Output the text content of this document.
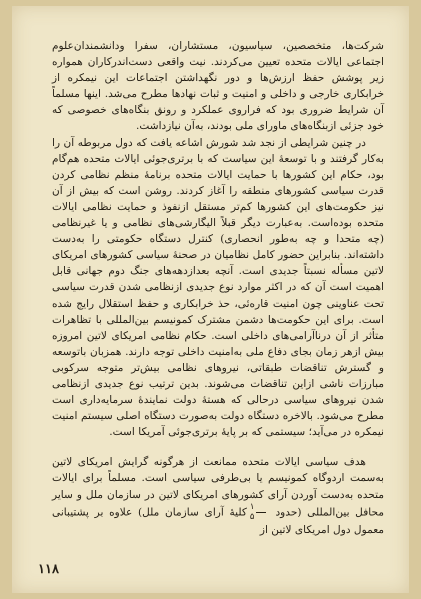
شرکت‌ها، متخصصین، سیاسیون، مستشاران، سفرا ودانشمندان‌علوم اجتماعی ایالات متحده تعیین می‌کردند. نیت واقعی دست‌اندرکاران همواره زیر پوشش حفظ ارزش‌ها و دور نگهداشتن اجتماعات این نیمکره از خرابکاری خارجی و داخلی و امنیت و ثبات نهادها مطرح می‌شد. اینها مسلماً آن شرایط ضروری بود که فراروی عملکرد و رونق بنگاه‌های خصوصی که خود جزئی ازبنگاه‌های ماورای ملی بودند، به‌آن نیازداشت.

در چنین شرایطی از نجد شد شورش اشاعه یافت که دول مربوطه آن را به‌کار گرفتند و با توسعهٔ این سیاست که با برتری‌جوئی ایالات متحده هم‌گام بود، حکام این کشورها با حمایت ایالات متحده برنامهٔ منظم نظامی کردن قدرت سیاسی کشورهای منطقه را آغاز کردند. روشن است که بیش از آن نیز حکومت‌های این کشورها کم‌تر مستقل ازنفوذ و حمایت نظامی ایالات متحده بوده‌است. به‌عبارت دیگر قبلاً الیگارشی‌های نظامی و یا غیرنظامی (چه متحدا و چه به‌طور انحصاری) کنترل دستگاه حکومتی را به‌دست داشته‌اند. بنابراین حضور کامل نظامیان در صحنهٔ سیاسی کشورهای امریکای لاتین مسأله نسبتاً جدیدی است. آنچه بعدازدهه‌های جنگ دوم جهانی قابل اهمیت است آن که در اکثر موارد نوع جدیدی ازنظامی شدن قدرت سیاسی تحت عناوینی چون امنیت قاره‌ئی، حذ خرابکاری و حفظ استقلال رایج شده است. برای این حکومت‌ها دشمن مشترک کمونیسم بین‌المللی با تظاهرات متأثر از آن درنا‌آرامی‌های داخلی است. حکام نظامی امریکای لاتین امروزه بیش ازهر زمان بجای دفاع ملی به‌امنیت داخلی توجه دارند. همزبان باتوسعه و گسترش تناقضات طبقاتی، نیروهای نظامی بیش‌تر متوجه سرکوبی مبارزات ناشی ازاین تناقضات می‌شوند. بدین ترتیب نوع جدیدی ازنظامی شدن نیروهای سیاسی درحالی که هستهٔ دولت نمایندهٔ سرمایه‌داری است مطرح می‌شود. بالاخره دستگاه دولت به‌صورت دستگاه اصلی سیستم امنیت نیمکره در می‌آید؛ سیستمی که بر پایهٔ برتری‌جوئی آمریکا است.

هدف سیاسی ایالات متحده ممانعت از هرگونه گرایش امریکای لاتین به‌سمت اردوگاه کمونیسم یا بی‌طرفی سیاسی است. مسلماً برای ایالات متحده به‌دست آوردن آرای کشورهای امریکای لاتین در سازمان ملل و سایر محافل بین‌المللی (حدود
$\frac{۱}{۵}$
کلیهٔ آرای سازمان ملل) علاوه بر پشتیبانی معمول دول امریکای لاتین از

۱۱۸
